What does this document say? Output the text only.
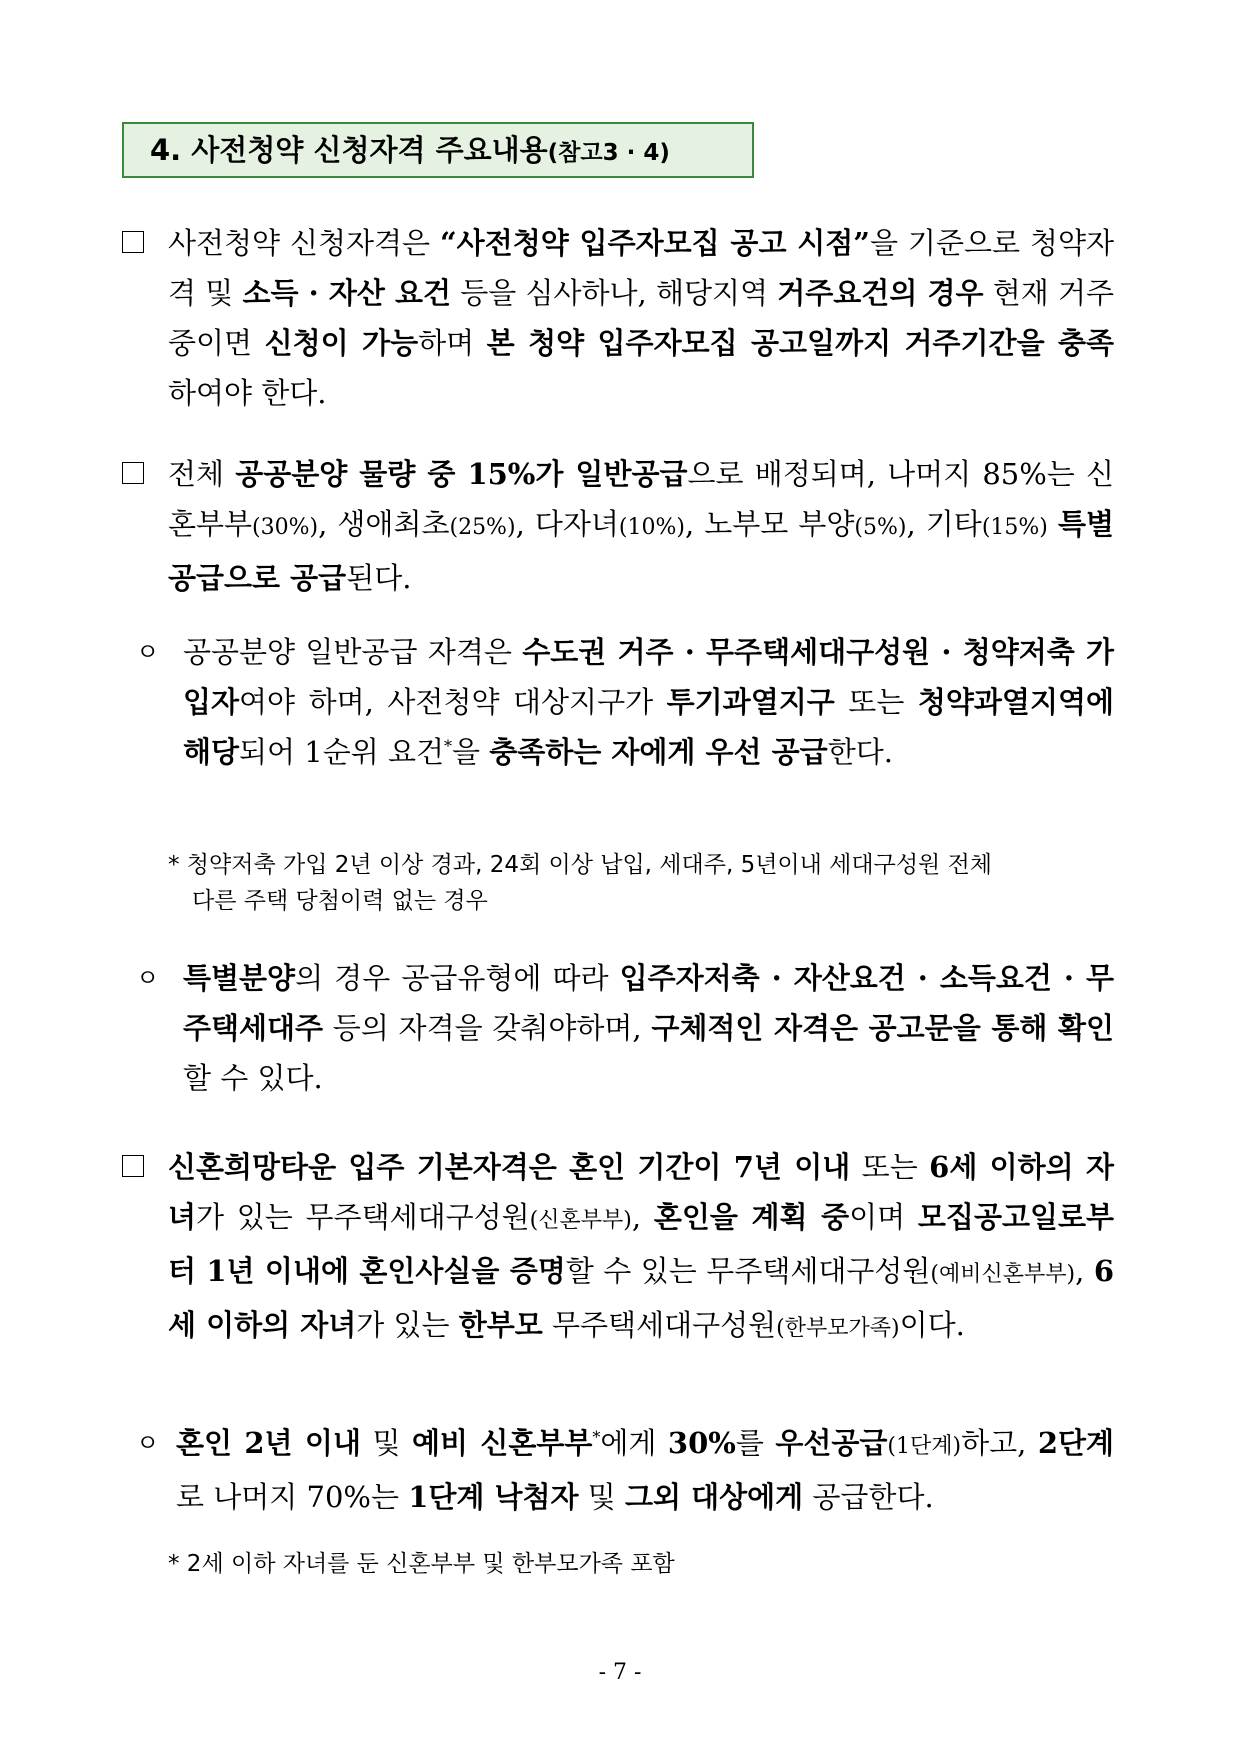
4. 사전청약 신청자격 주요내용(참고3 · 4)
사전청약 신청자격은 “사전청약 입주자모집 공고 시점”을 기준으로 청약자격 및 소득 · 자산 요건 등을 심사하나, 해당지역 거주요건의 경우 현재 거주 중이면 신청이 가능하며 본 청약 입주자모집 공고일까지 거주기간을 충족하여야 한다.
전체 공공분양 물량 중 15%가 일반공급으로 배정되며, 나머지 85%는 신혼부부(30%), 생애최초(25%), 다자녀(10%), 노부모 부양(5%), 기타(15%) 특별공급으로 공급된다.
ㅇ 공공분양 일반공급 자격은 수도권 거주 · 무주택세대구성원 · 청약저축 가입자여야 하며, 사전청약 대상지구가 투기과열지구 또는 청약과열지역에 해당되어 1순위 요건*을 충족하는 자에게 우선 공급한다.
* 청약저축 가입 2년 이상 경과, 24회 이상 납입, 세대주, 5년이내 세대구성원 전체
다른 주택 당첨이력 없는 경우
ㅇ 특별분양의 경우 공급유형에 따라 입주자저축 · 자산요건 · 소득요건 · 무주택세대주 등의 자격을 갖춰야하며, 구체적인 자격은 공고문을 통해 확인할 수 있다.
신혼희망타운 입주 기본자격은 혼인 기간이 7년 이내 또는 6세 이하의 자녀가 있는 무주택세대구성원(신혼부부), 혼인을 계획 중이며 모집공고일로부터 1년 이내에 혼인사실을 증명할 수 있는 무주택세대구성원(예비신혼부부), 6세 이하의 자녀가 있는 한부모 무주택세대구성원(한부모가족)이다.
ㅇ 혼인 2년 이내 및 예비 신혼부부*에게 30%를 우선공급(1단계)하고, 2단계로 나머지 70%는 1단계 낙첨자 및 그외 대상에게 공급한다.
* 2세 이하 자녀를 둔 신혼부부 및 한부모가족 포함
- 7 -
